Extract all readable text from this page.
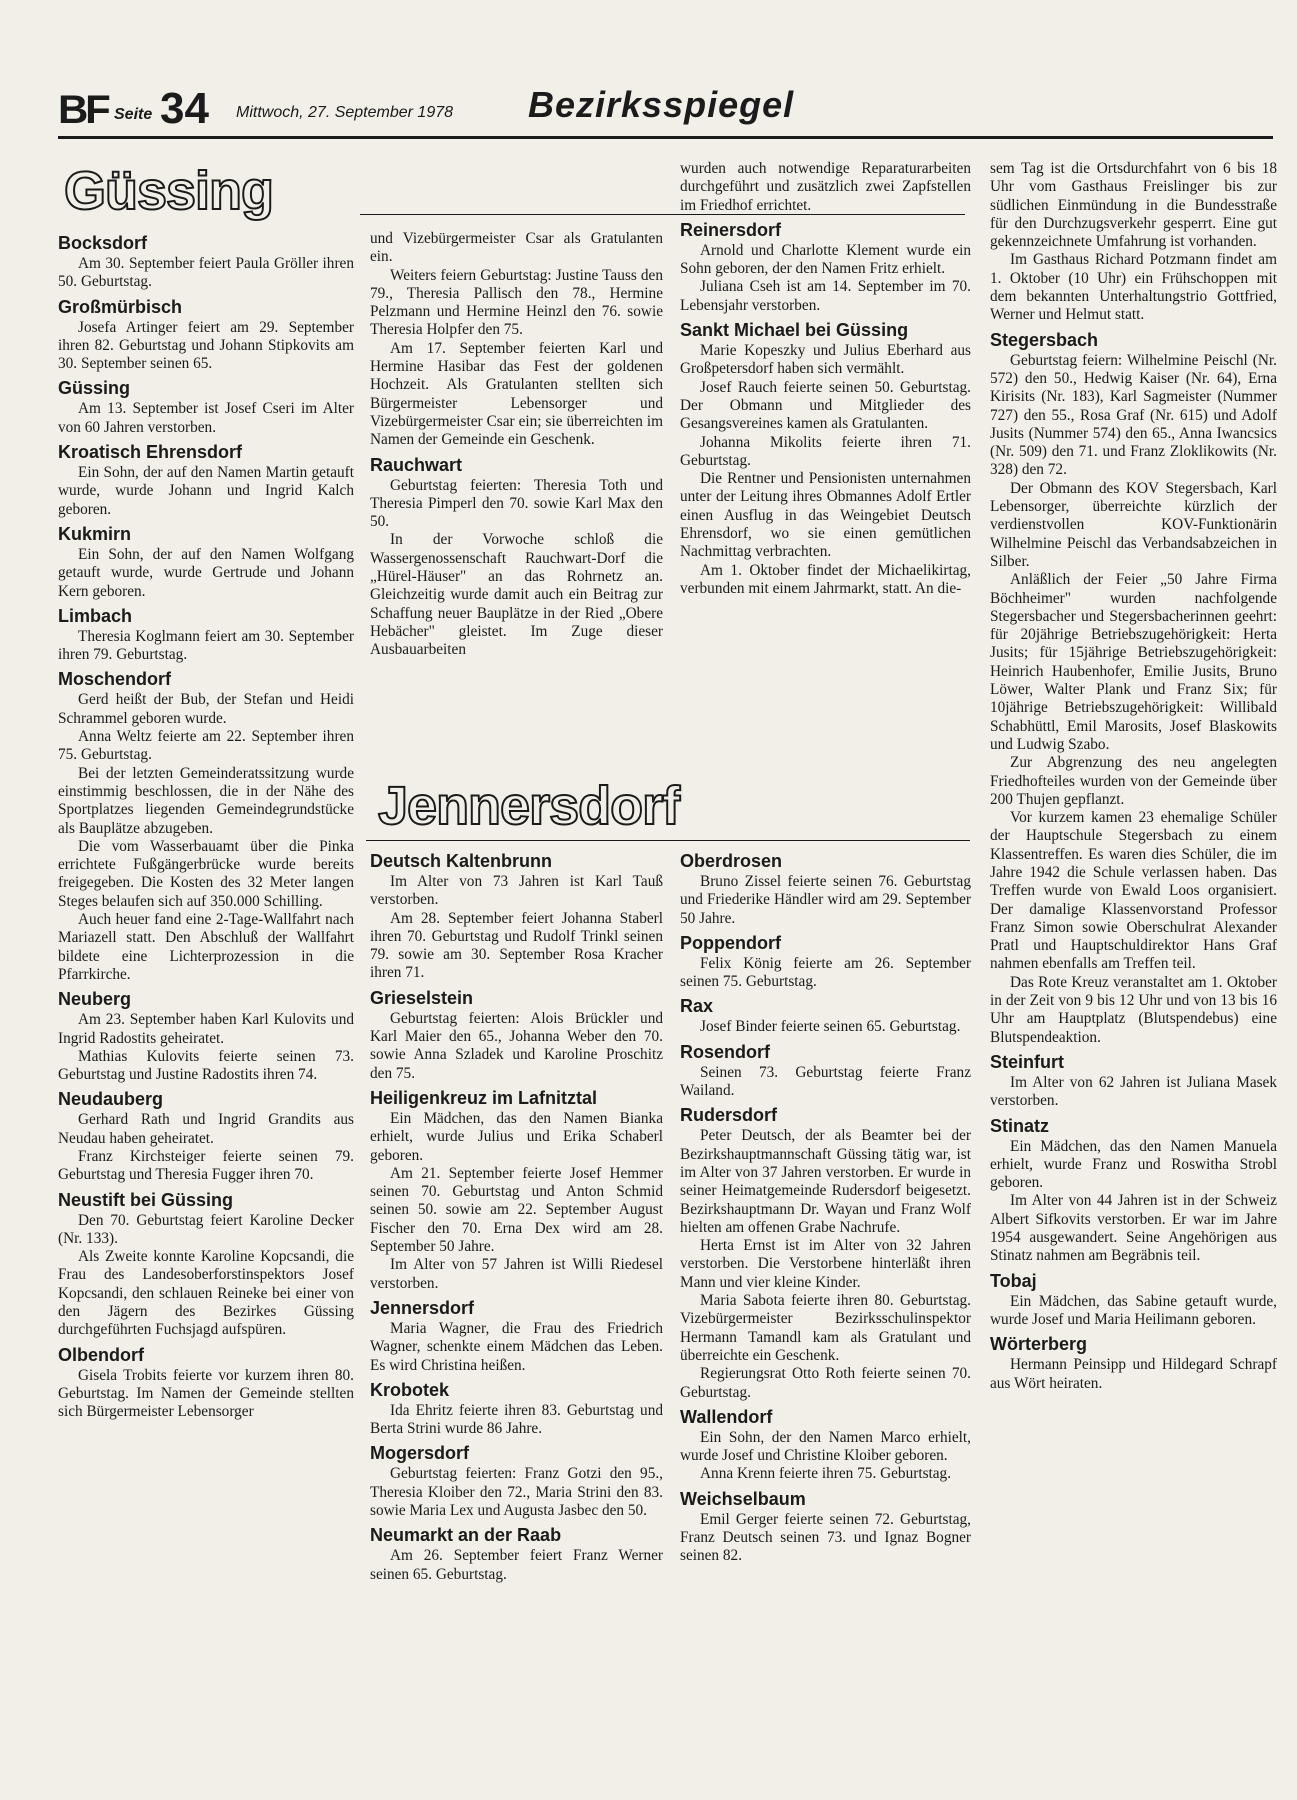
BF Seite 34 Mittwoch, 27. September 1978 Bezirksspiegel
Güssing
Bocksdorf

Am 30. September feiert Paula Gröller ihren 50. Geburtstag.

Großmürbisch

Josefa Artinger feiert am 29. September ihren 82. Geburtstag und Johann Stipkovits am 30. September seinen 65.

Güssing

Am 13. September ist Josef Cseri im Alter von 60 Jahren verstorben.

Kroatisch Ehrensdorf

Ein Sohn, der auf den Namen Martin getauft wurde, wurde Johann und Ingrid Kalch geboren.

Kukmirn

Ein Sohn, der auf den Namen Wolfgang getauft wurde, wurde Gertrude und Johann Kern geboren.

Limbach

Theresia Koglmann feiert am 30. September ihren 79. Geburtstag.

Moschendorf

Gerd heißt der Bub, der Stefan und Heidi Schrammel geboren wurde.

Anna Weltz feierte am 22. September ihren 75. Geburtstag.

Bei der letzten Gemeinderatssitzung wurde einstimmig beschlossen, die in der Nähe des Sportplatzes liegenden Gemeindegrundstücke als Bauplätze abzugeben.

Die vom Wasserbauamt über die Pinka errichtete Fußgängerbrücke wurde bereits freigegeben. Die Kosten des 32 Meter langen Steges belaufen sich auf 350.000 Schilling.

Auch heuer fand eine 2-Tage-Wallfahrt nach Mariazell statt. Den Abschluß der Wallfahrt bildete eine Lichterprozession in die Pfarrkirche.

Neuberg

Am 23. September haben Karl Kulovits und Ingrid Radostits geheiratet.

Mathias Kulovits feierte seinen 73. Geburtstag und Justine Radostits ihren 74.

Neudauberg

Gerhard Rath und Ingrid Grandits aus Neudau haben geheiratet.

Franz Kirchsteiger feierte seinen 79. Geburtstag und Theresia Fugger ihren 70.

Neustift bei Güssing

Den 70. Geburtstag feiert Karoline Decker (Nr. 133).

Als Zweite konnte Karoline Kopcsandi, die Frau des Landesoberforstinspektors Josef Kopcsandi, den schlauen Reineke bei einer von den Jägern des Bezirkes Güssing durchgeführten Fuchsjagd aufspüren.

Olbendorf

Gisela Trobits feierte vor kurzem ihren 80. Geburtstag. Im Namen der Gemeinde stellten sich Bürgermeister Lebensorger

und Vizebürgermeister Csar als Gratulanten ein.

Weiters feiern Geburtstag: Justine Tauss den 79., Theresia Pallisch den 78., Hermine Pelzmann und Hermine Heinzl den 76. sowie Theresia Holpfer den 75.

Am 17. September feierten Karl und Hermine Hasibar das Fest der goldenen Hochzeit. Als Gratulanten stellten sich Bürgermeister Lebensorger und Vizebürgermeister Csar ein; sie überreichten im Namen der Gemeinde ein Geschenk.

Rauchwart

Geburtstag feierten: Theresia Toth und Theresia Pimperl den 70. sowie Karl Max den 50.

In der Vorwoche schloß die Wassergenossenschaft Rauchwart-Dorf die „Hürel-Häuser" an das Rohrnetz an. Gleichzeitig wurde damit auch ein Beitrag zur Schaffung neuer Bauplätze in der Ried „Obere Hebächer" gleistet. Im Zuge dieser Ausbauarbeiten

wurden auch notwendige Reparaturarbeiten durchgeführt und zusätzlich zwei Zapfstellen im Friedhof errichtet.

Reinersdorf

Arnold und Charlotte Klement wurde ein Sohn geboren, der den Namen Fritz erhielt.

Juliana Cseh ist am 14. September im 70. Lebensjahr verstorben.

Sankt Michael bei Güssing

Marie Kopeszky und Julius Eberhard aus Großpetersdorf haben sich vermählt.

Josef Rauch feierte seinen 50. Geburtstag. Der Obmann und Mitglieder des Gesangsvereines kamen als Gratulanten.

Johanna Mikolits feierte ihren 71. Geburtstag.

Die Rentner und Pensionisten unternahmen unter der Leitung ihres Obmannes Adolf Ertler einen Ausflug in das Weingebiet Deutsch Ehrensdorf, wo sie einen gemütlichen Nachmittag verbrachten.

Am 1. Oktober findet der Michaelikirtag, verbunden mit einem Jahrmarkt, statt. An die-

sem Tag ist die Ortsdurchfahrt von 6 bis 18 Uhr vom Gasthaus Freislinger bis zur südlichen Einmündung in die Bundesstraße für den Durchzugsverkehr gesperrt. Eine gut gekennzeichnete Umfahrung ist vorhanden.

Im Gasthaus Richard Potzmann findet am 1. Oktober (10 Uhr) ein Frühschoppen mit dem bekannten Unterhaltungstrio Gottfried, Werner und Helmut statt.

Stegersbach

Geburtstag feiern: Wilhelmine Peischl (Nr. 572) den 50., Hedwig Kaiser (Nr. 64), Erna Kirisits (Nr. 183), Karl Sagmeister (Nummer 727) den 55., Rosa Graf (Nr. 615) und Adolf Jusits (Nummer 574) den 65., Anna Iwancsics (Nr. 509) den 71. und Franz Zloklikowits (Nr. 328) den 72.

Der Obmann des KOV Stegersbach, Karl Lebensorger, überreichte kürzlich der verdienstvollen KOV-Funktionärin Wilhelmine Peischl das Verbandsabzeichen in Silber.

Anläßlich der Feier „50 Jahre Firma Böchheimer" wurden nachfolgende Stegersbacher und Stegersbacherinnen geehrt: für 20jährige Betriebszugehörigkeit: Herta Jusits; für 15jährige Betriebszugehörigkeit: Heinrich Haubenhofer, Emilie Jusits, Bruno Löwer, Walter Plank und Franz Six; für 10jährige Betriebszugehörigkeit: Willibald Schabhüttl, Emil Marosits, Josef Blaskowits und Ludwig Szabo.

Zur Abgrenzung des neu angelegten Friedhofteiles wurden von der Gemeinde über 200 Thujen gepflanzt.

Vor kurzem kamen 23 ehemalige Schüler der Hauptschule Stegersbach zu einem Klassentreffen. Es waren dies Schüler, die im Jahre 1942 die Schule verlassen haben. Das Treffen wurde von Ewald Loos organisiert. Der damalige Klassenvorstand Professor Franz Simon sowie Oberschulrat Alexander Pratl und Hauptschuldirektor Hans Graf nahmen ebenfalls am Treffen teil.

Das Rote Kreuz veranstaltet am 1. Oktober in der Zeit von 9 bis 12 Uhr und von 13 bis 16 Uhr am Hauptplatz (Blutspendebus) eine Blutspendeaktion.

Steinfurt

Im Alter von 62 Jahren ist Juliana Masek verstorben.

Stinatz

Ein Mädchen, das den Namen Manuela erhielt, wurde Franz und Roswitha Strobl geboren.

Im Alter von 44 Jahren ist in der Schweiz Albert Sifkovits verstorben. Er war im Jahre 1954 ausgewandert. Seine Angehörigen aus Stinatz nahmen am Begräbnis teil.

Tobaj

Ein Mädchen, das Sabine getauft wurde, wurde Josef und Maria Heilimann geboren.

Wörterberg

Hermann Peinsipp und Hildegard Schrapf aus Wört heiraten.

Jennersdorf
Deutsch Kaltenbrunn

Im Alter von 73 Jahren ist Karl Tauß verstorben.

Am 28. September feiert Johanna Staberl ihren 70. Geburtstag und Rudolf Trinkl seinen 79. sowie am 30. September Rosa Kracher ihren 71.

Grieselstein

Geburtstag feierten: Alois Brückler und Karl Maier den 65., Johanna Weber den 70. sowie Anna Szladek und Karoline Proschitz den 75.

Heiligenkreuz im Lafnitztal

Ein Mädchen, das den Namen Bianka erhielt, wurde Julius und Erika Schaberl geboren.

Am 21. September feierte Josef Hemmer seinen 70. Geburtstag und Anton Schmid seinen 50. sowie am 22. September August Fischer den 70. Erna Dex wird am 28. September 50 Jahre.

Im Alter von 57 Jahren ist Willi Riedesel verstorben.

Jennersdorf

Maria Wagner, die Frau des Friedrich Wagner, schenkte einem Mädchen das Leben. Es wird Christina heißen.

Krobotek

Ida Ehritz feierte ihren 83. Geburtstag und Berta Strini wurde 86 Jahre.

Mogersdorf

Geburtstag feierten: Franz Gotzi den 95., Theresia Kloiber den 72., Maria Strini den 83. sowie Maria Lex und Augusta Jasbec den 50.

Neumarkt an der Raab

Am 26. September feiert Franz Werner seinen 65. Geburtstag.

Oberdrosen

Bruno Zissel feierte seinen 76. Geburtstag und Friederike Händler wird am 29. September 50 Jahre.

Poppendorf

Felix König feierte am 26. September seinen 75. Geburtstag.

Rax

Josef Binder feierte seinen 65. Geburtstag.

Rosendorf

Seinen 73. Geburtstag feierte Franz Wailand.

Rudersdorf

Peter Deutsch, der als Beamter bei der Bezirkshauptmannschaft Güssing tätig war, ist im Alter von 37 Jahren verstorben. Er wurde in seiner Heimatgemeinde Rudersdorf beigesetzt. Bezirkshauptmann Dr. Wayan und Franz Wolf hielten am offenen Grabe Nachrufe.

Herta Ernst ist im Alter von 32 Jahren verstorben. Die Verstorbene hinterläßt ihren Mann und vier kleine Kinder.

Maria Sabota feierte ihren 80. Geburtstag. Vizebürgermeister Bezirksschulinspektor Hermann Tamandl kam als Gratulant und überreichte ein Geschenk.

Regierungsrat Otto Roth feierte seinen 70. Geburtstag.

Wallendorf

Ein Sohn, der den Namen Marco erhielt, wurde Josef und Christine Kloiber geboren.

Anna Krenn feierte ihren 75. Geburtstag.

Weichselbaum

Emil Gerger feierte seinen 72. Geburtstag, Franz Deutsch seinen 73. und Ignaz Bogner seinen 82.
